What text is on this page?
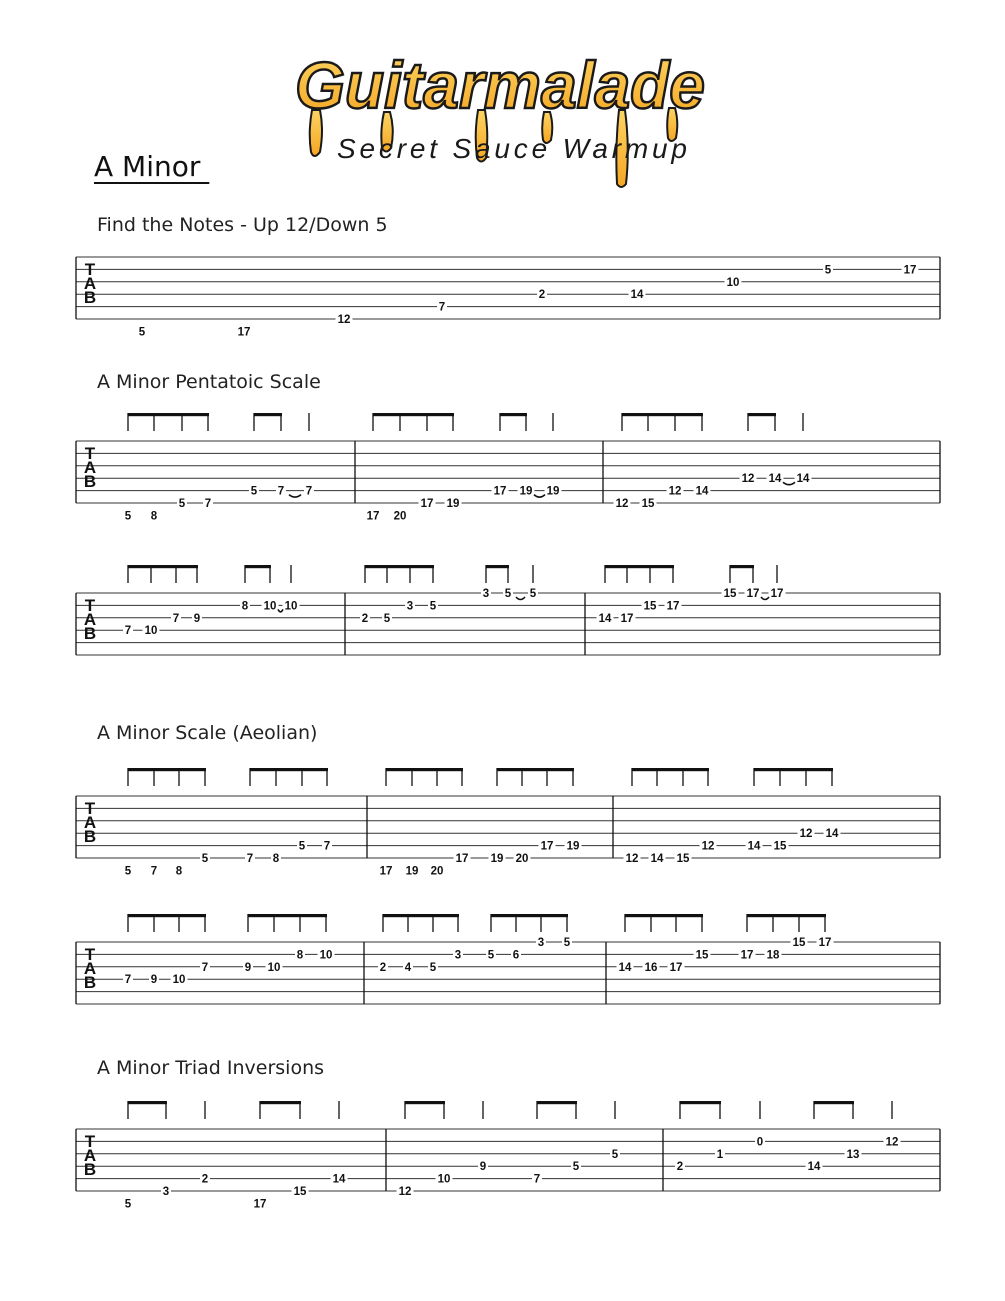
Guitarmalade
Secret Sauce Warmup
A Minor
Find the Notes - Up 12/Down 5
A Minor Pentatoic Scale
A Minor Scale (Aeolian)
A Minor Triad Inversions
T
A
B
5	17
12
7
2	14
10
5	17
T
A
B
5 8
5 7
5 7 7
17 20
17 19
17 19 19
12 15
12 14
12 14 14
T
A
B 7 10
7 9
8 10 10
2 5
3 5
3 5 5
14 17
15 17
15 17 17
T
A
B
5 7 8
5	7 8
5 7
17 19 20
17 19 20
17 19
12 14 15
12	14 15
12 14
T
A
B 7 9 10
7	9 10
8 10
2 4 5
3 5 6
3 5
14 16 17
15	17 18
15 17
T
A
B
5
3
2
17
15
14
12
10
9
7
5
5
2
1
0
14
13
12
